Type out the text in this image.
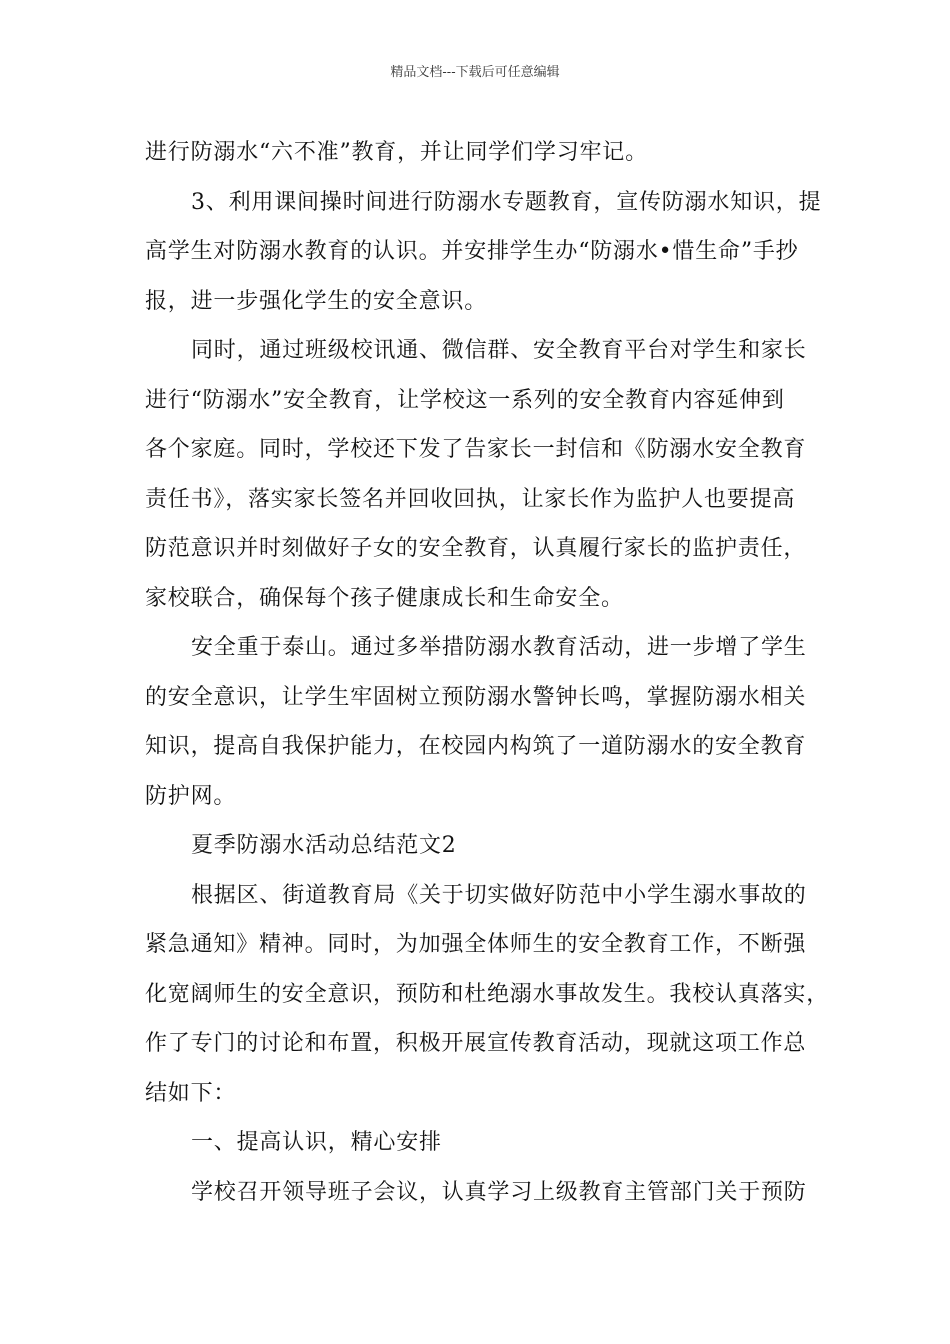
精品文档---下载后可任意编辑
进行防溺水“六不准”教育，并让同学们学习牢记。
3、利用课间操时间进行防溺水专题教育，宣传防溺水知识，提
高学生对防溺水教育的认识。并安排学生办“防溺水•惜生命”手抄
报，进一步强化学生的安全意识。
同时，通过班级校讯通、微信群、安全教育平台对学生和家长
进行“防溺水”安全教育，让学校这一系列的安全教育内容延伸到
各个家庭。同时，学校还下发了告家长一封信和《防溺水安全教育
责任书》，落实家长签名并回收回执，让家长作为监护人也要提高
防范意识并时刻做好子女的安全教育，认真履行家长的监护责任，
家校联合，确保每个孩子健康成长和生命安全。
安全重于泰山。通过多举措防溺水教育活动，进一步增了学生
的安全意识，让学生牢固树立预防溺水警钟长鸣，掌握防溺水相关
知识，提高自我保护能力，在校园内构筑了一道防溺水的安全教育
防护网。
夏季防溺水活动总结范文2
根据区、街道教育局《关于切实做好防范中小学生溺水事故的
紧急通知》精神。同时，为加强全体师生的安全教育工作，不断强
化宽阔师生的安全意识，预防和杜绝溺水事故发生。我校认真落实，
作了专门的讨论和布置，积极开展宣传教育活动，现就这项工作总
结如下：
一、提高认识，精心安排
学校召开领导班子会议，认真学习上级教育主管部门关于预防
